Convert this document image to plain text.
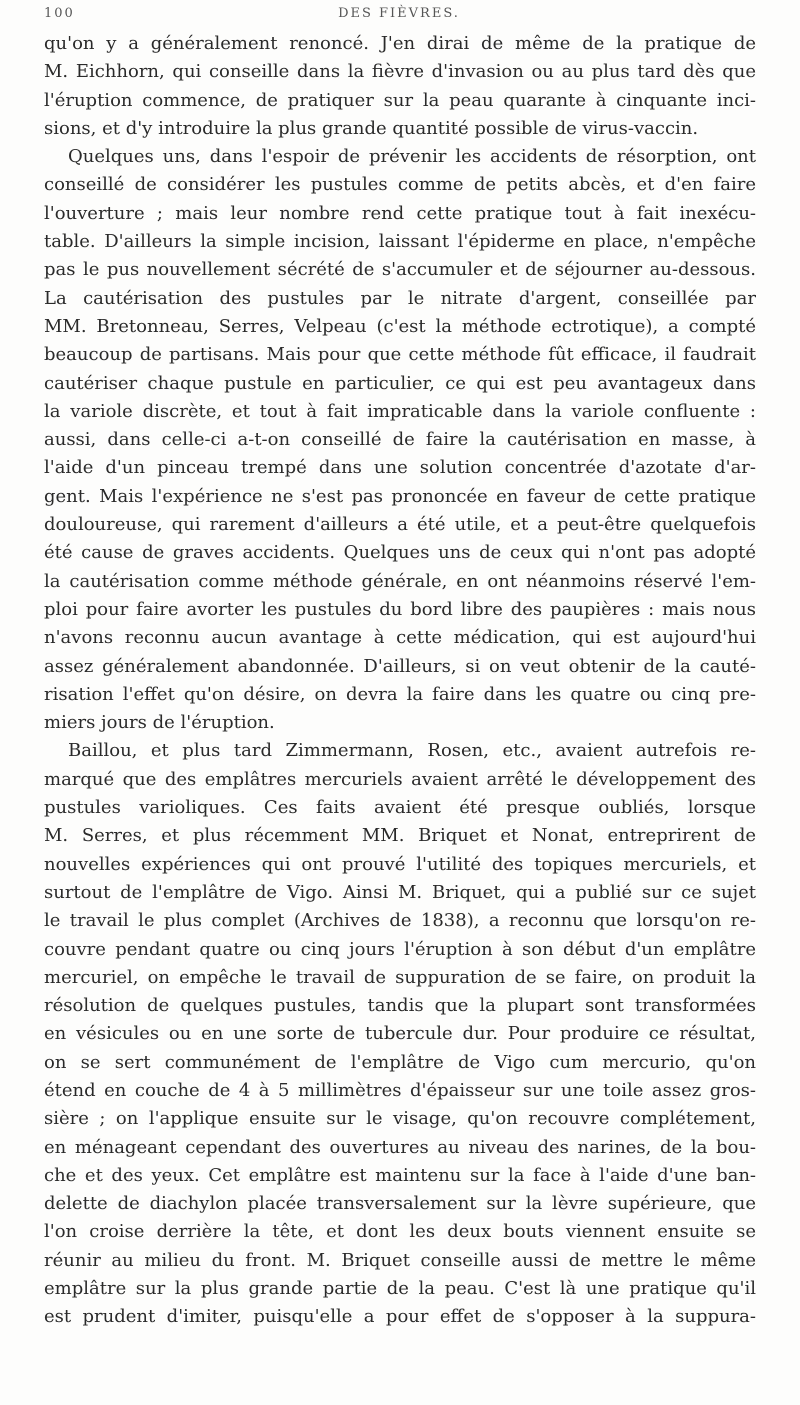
100	DES FIÈVRES.
qu'on y a généralement renoncé. J'en dirai de même de la pratique de
M. Eichhorn, qui conseille dans la fièvre d'invasion ou au plus tard dès que
l'éruption commence, de pratiquer sur la peau quarante à cinquante inci-
sions, et d'y introduire la plus grande quantité possible de virus-vaccin.
Quelques uns, dans l'espoir de prévenir les accidents de résorption, ont
conseillé de considérer les pustules comme de petits abcès, et d'en faire
l'ouverture ; mais leur nombre rend cette pratique tout à fait inexécu-
table. D'ailleurs la simple incision, laissant l'épiderme en place, n'empêche
pas le pus nouvellement sécrété de s'accumuler et de séjourner au-dessous.
La cautérisation des pustules par le nitrate d'argent, conseillée par
MM. Bretonneau, Serres, Velpeau (c'est la méthode ectrotique), a compté
beaucoup de partisans. Mais pour que cette méthode fût efficace, il faudrait
cautériser chaque pustule en particulier, ce qui est peu avantageux dans
la variole discrète, et tout à fait impraticable dans la variole confluente :
aussi, dans celle-ci a-t-on conseillé de faire la cautérisation en masse, à
l'aide d'un pinceau trempé dans une solution concentrée d'azotate d'ar-
gent. Mais l'expérience ne s'est pas prononcée en faveur de cette pratique
douloureuse, qui rarement d'ailleurs a été utile, et a peut-être quelquefois
été cause de graves accidents. Quelques uns de ceux qui n'ont pas adopté
la cautérisation comme méthode générale, en ont néanmoins réservé l'em-
ploi pour faire avorter les pustules du bord libre des paupières : mais nous
n'avons reconnu aucun avantage à cette médication, qui est aujourd'hui
assez généralement abandonnée. D'ailleurs, si on veut obtenir de la cauté-
risation l'effet qu'on désire, on devra la faire dans les quatre ou cinq pre-
miers jours de l'éruption.
Baillou, et plus tard Zimmermann, Rosen, etc., avaient autrefois re-
marqué que des emplâtres mercuriels avaient arrêté le développement des
pustules varioliques. Ces faits avaient été presque oubliés, lorsque
M. Serres, et plus récemment MM. Briquet et Nonat, entreprirent de
nouvelles expériences qui ont prouvé l'utilité des topiques mercuriels, et
surtout de l'emplâtre de Vigo. Ainsi M. Briquet, qui a publié sur ce sujet
le travail le plus complet (Archives de 1838), a reconnu que lorsqu'on re-
couvre pendant quatre ou cinq jours l'éruption à son début d'un emplâtre
mercuriel, on empêche le travail de suppuration de se faire, on produit la
résolution de quelques pustules, tandis que la plupart sont transformées
en vésicules ou en une sorte de tubercule dur. Pour produire ce résultat,
on se sert communément de l'emplâtre de Vigo cum mercurio, qu'on
étend en couche de 4 à 5 millimètres d'épaisseur sur une toile assez gros-
sière ; on l'applique ensuite sur le visage, qu'on recouvre complétement,
en ménageant cependant des ouvertures au niveau des narines, de la bou-
che et des yeux. Cet emplâtre est maintenu sur la face à l'aide d'une ban-
delette de diachylon placée transversalement sur la lèvre supérieure, que
l'on croise derrière la tête, et dont les deux bouts viennent ensuite se
réunir au milieu du front. M. Briquet conseille aussi de mettre le même
emplâtre sur la plus grande partie de la peau. C'est là une pratique qu'il
est prudent d'imiter, puisqu'elle a pour effet de s'opposer à la suppura-
